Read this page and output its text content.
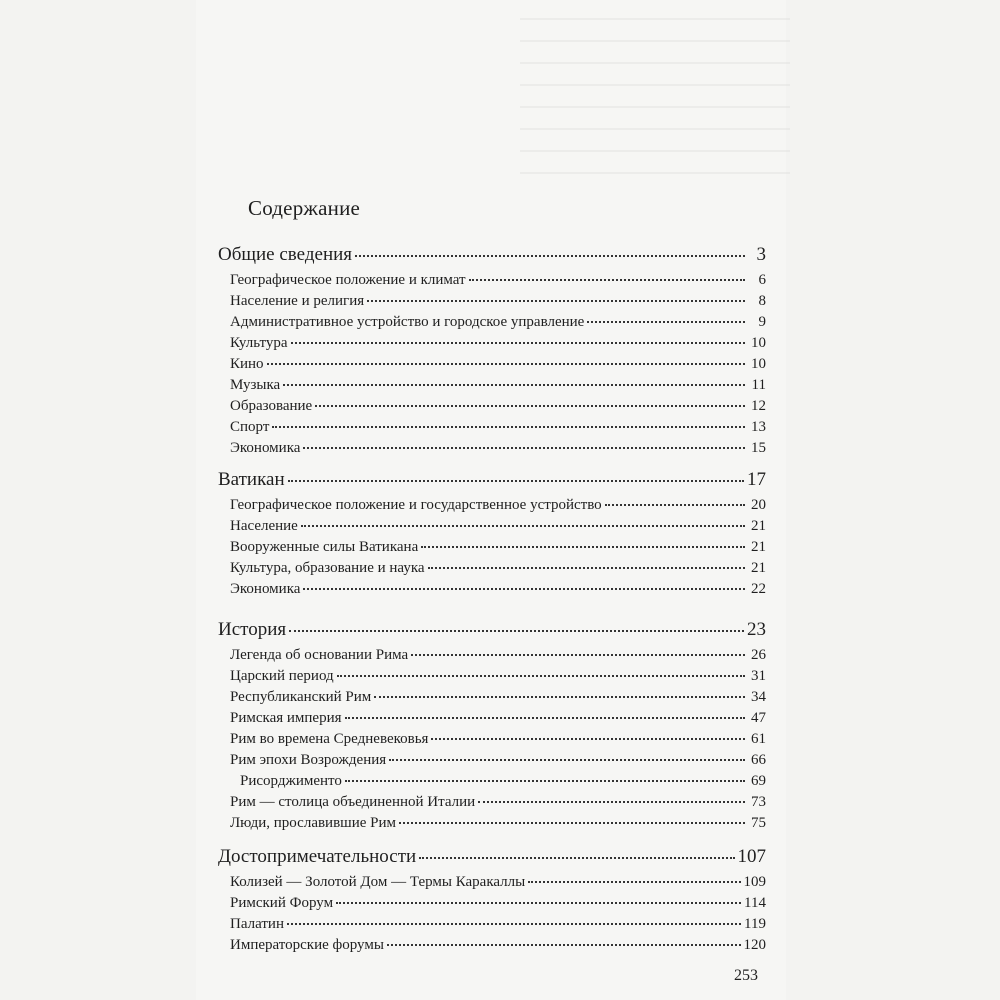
Содержание
Общие сведения	3
Географическое положение и климат	6
Население и религия	8
Административное устройство и городское управление	9
Культура	10
Кино	10
Музыка	11
Образование	12
Спорт	13
Экономика	15
Ватикан	17
Географическое положение и государственное устройство	20
Население	21
Вооруженные силы Ватикана	21
Культура, образование и наука	21
Экономика	22
История	23
Легенда об основании Рима	26
Царский период	31
Республиканский Рим	34
Римская империя	47
Рим во времена Средневековья	61
Рим эпохи Возрождения	66
Рисорджименто	69
Рим — столица объединенной Италии	73
Люди, прославившие Рим	75
Достопримечательности	107
Колизей — Золотой Дом — Термы Каракаллы	109
Римский Форум	114
Палатин	119
Императорские форумы	120
253
